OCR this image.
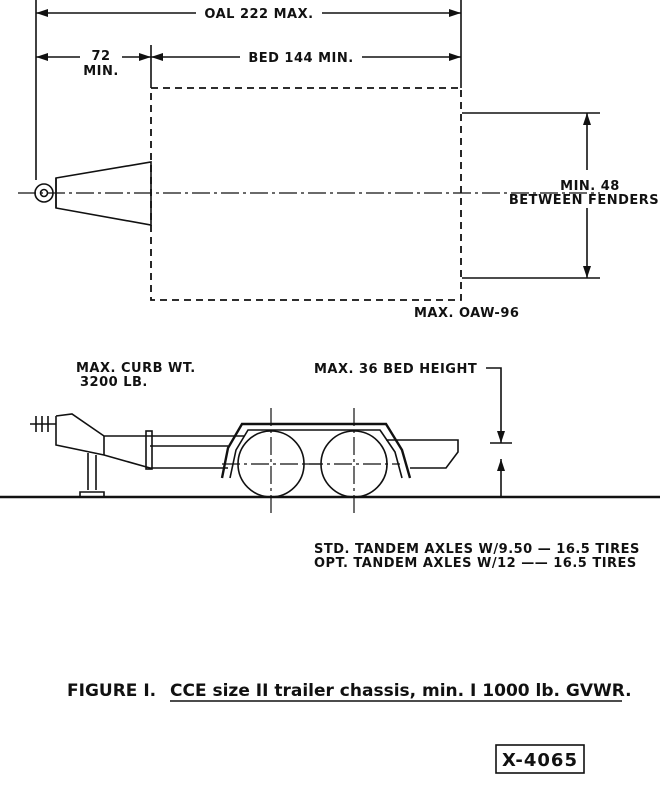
OAL 222 MAX.
72
MIN.
BED 144 MIN.
MIN. 48
BETWEEN FENDERS
MAX. OAW-96
MAX. CURB WT.
3200 LB.
MAX. 36 BED HEIGHT
STD. TANDEM AXLES W/9.50 — 16.5 TIRES
OPT. TANDEM AXLES W/12 —— 16.5 TIRES
FIGURE I. CCE size II trailer chassis, min. I 1000 lb. GVWR.
X-4065
